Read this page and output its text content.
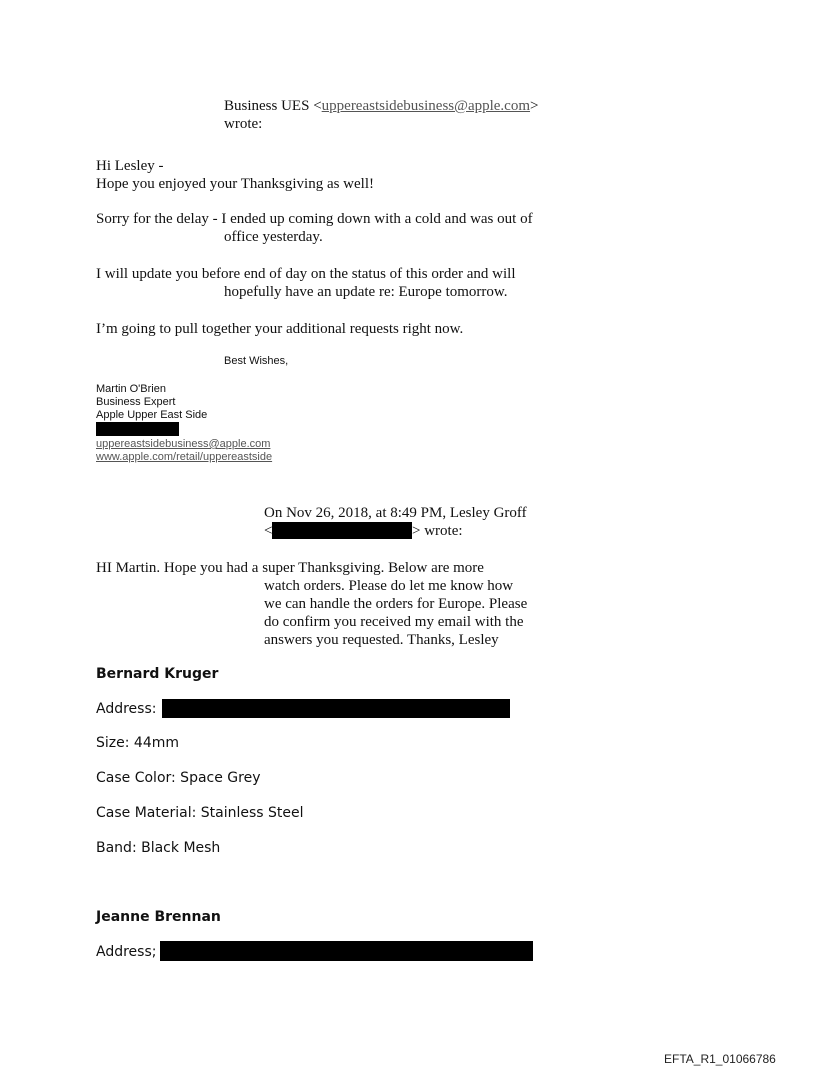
Business UES <uppereastsidebusiness@apple.com>
wrote:
Hi Lesley -
Hope you enjoyed your Thanksgiving as well!
Sorry for the delay - I ended up coming down with a cold and was out of
office yesterday.
I will update you before end of day on the status of this order and will
hopefully have an update re: Europe tomorrow.
I’m going to pull together your additional requests right now.
Best Wishes,
Martin O'Brien
Business Expert
Apple Upper East Side
uppereastsidebusiness@apple.com
www.apple.com/retail/uppereastside
On Nov 26, 2018, at 8:49 PM, Lesley Groff
<	> wrote:
HI Martin. Hope you had a super Thanksgiving. Below are more
watch orders. Please do let me know how
we can handle the orders for Europe. Please
do confirm you received my email with the
answers you requested. Thanks, Lesley
Bernard Kruger
Address:
Size: 44mm
Case Color: Space Grey
Case Material: Stainless Steel
Band: Black Mesh
Jeanne Brennan
Address;
EFTA_R1_01066786
